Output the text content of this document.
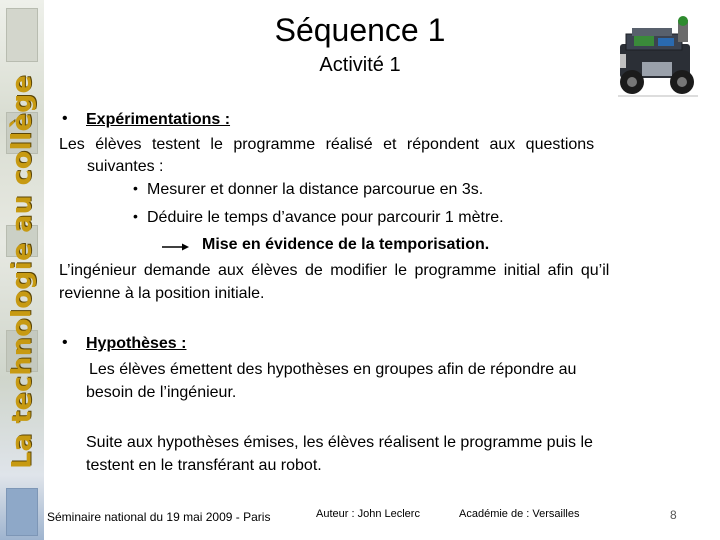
La technologie au collège
Séquence 1
Activité 1
• Expérimentations :
Les élèves testent le programme réalisé et répondent aux questions
suivantes :
• Mesurer et donner la distance parcourue en 3s.
• Déduire le temps d’avance pour parcourir 1 mètre.
Mise en évidence de la temporisation.
L’ingénieur demande aux élèves de modifier le programme initial afin qu’il
revienne à la position initiale.
• Hypothèses :
Les élèves émettent des hypothèses en groupes afin de répondre au
besoin de l’ingénieur.
Suite aux hypothèses émises, les élèves réalisent le programme puis le
testent en le transférant au robot.
Séminaire national du 19 mai 2009 - Paris	Auteur : John Leclerc	Académie de : Versailles	8
